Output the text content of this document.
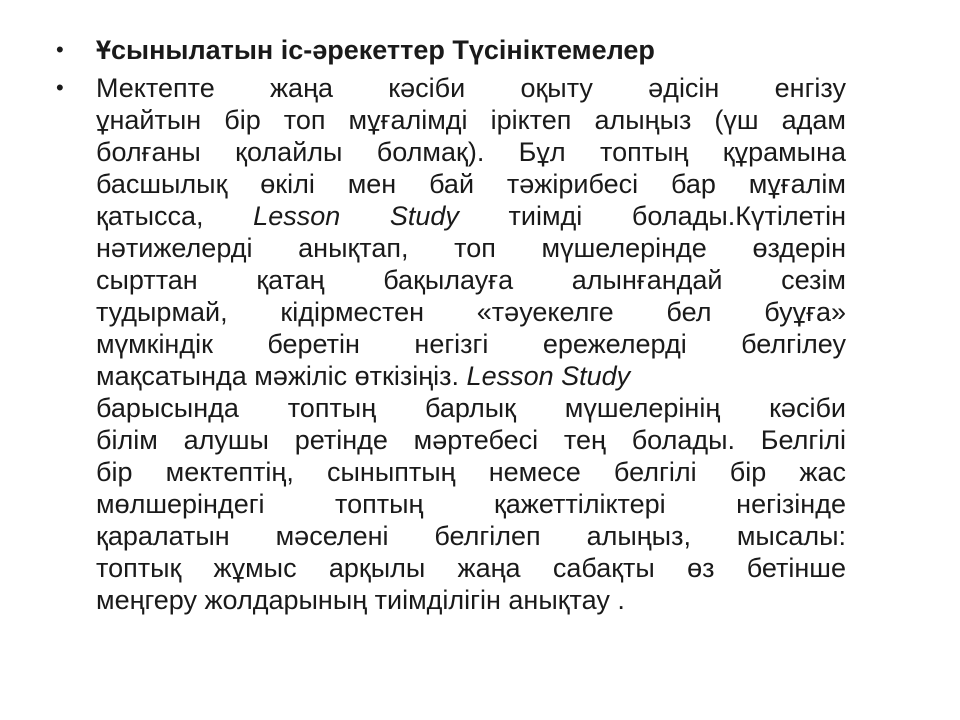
• Ұсынылатын іс-әрекеттер Түсініктемелер
• Мектепте жаңа кәсіби оқыту әдісін енгізу
ұнайтын бір топ мұғалімді іріктеп алыңыз (үш адам
болғаны қолайлы болмақ). Бұл топтың құрамына
басшылық өкілі мен бай тәжірибесі бар мұғалім
қатысса, Lesson Study тиімді болады.Күтілетін
нәтижелерді анықтап, топ мүшелерінде өздерін
сырттан қатаң бақылауға алынғандай сезім
тудырмай, кідірместен «тәуекелге бел буұға»
мүмкіндік беретін негізгі ережелерді белгілеу
мақсатында мәжіліс өткізіңіз. Lesson Study
барысында топтың барлық мүшелерінің кәсіби
білім алушы ретінде мәртебесі тең болады. Белгілі
бір мектептің, сыныптың немесе белгілі бір жас
мөлшеріндегі топтың қажеттіліктері негізінде
қаралатын мәселені белгілеп алыңыз, мысалы:
топтық жұмыс арқылы жаңа сабақты өз бетінше
меңгеру жолдарының тиімділігін анықтау .
